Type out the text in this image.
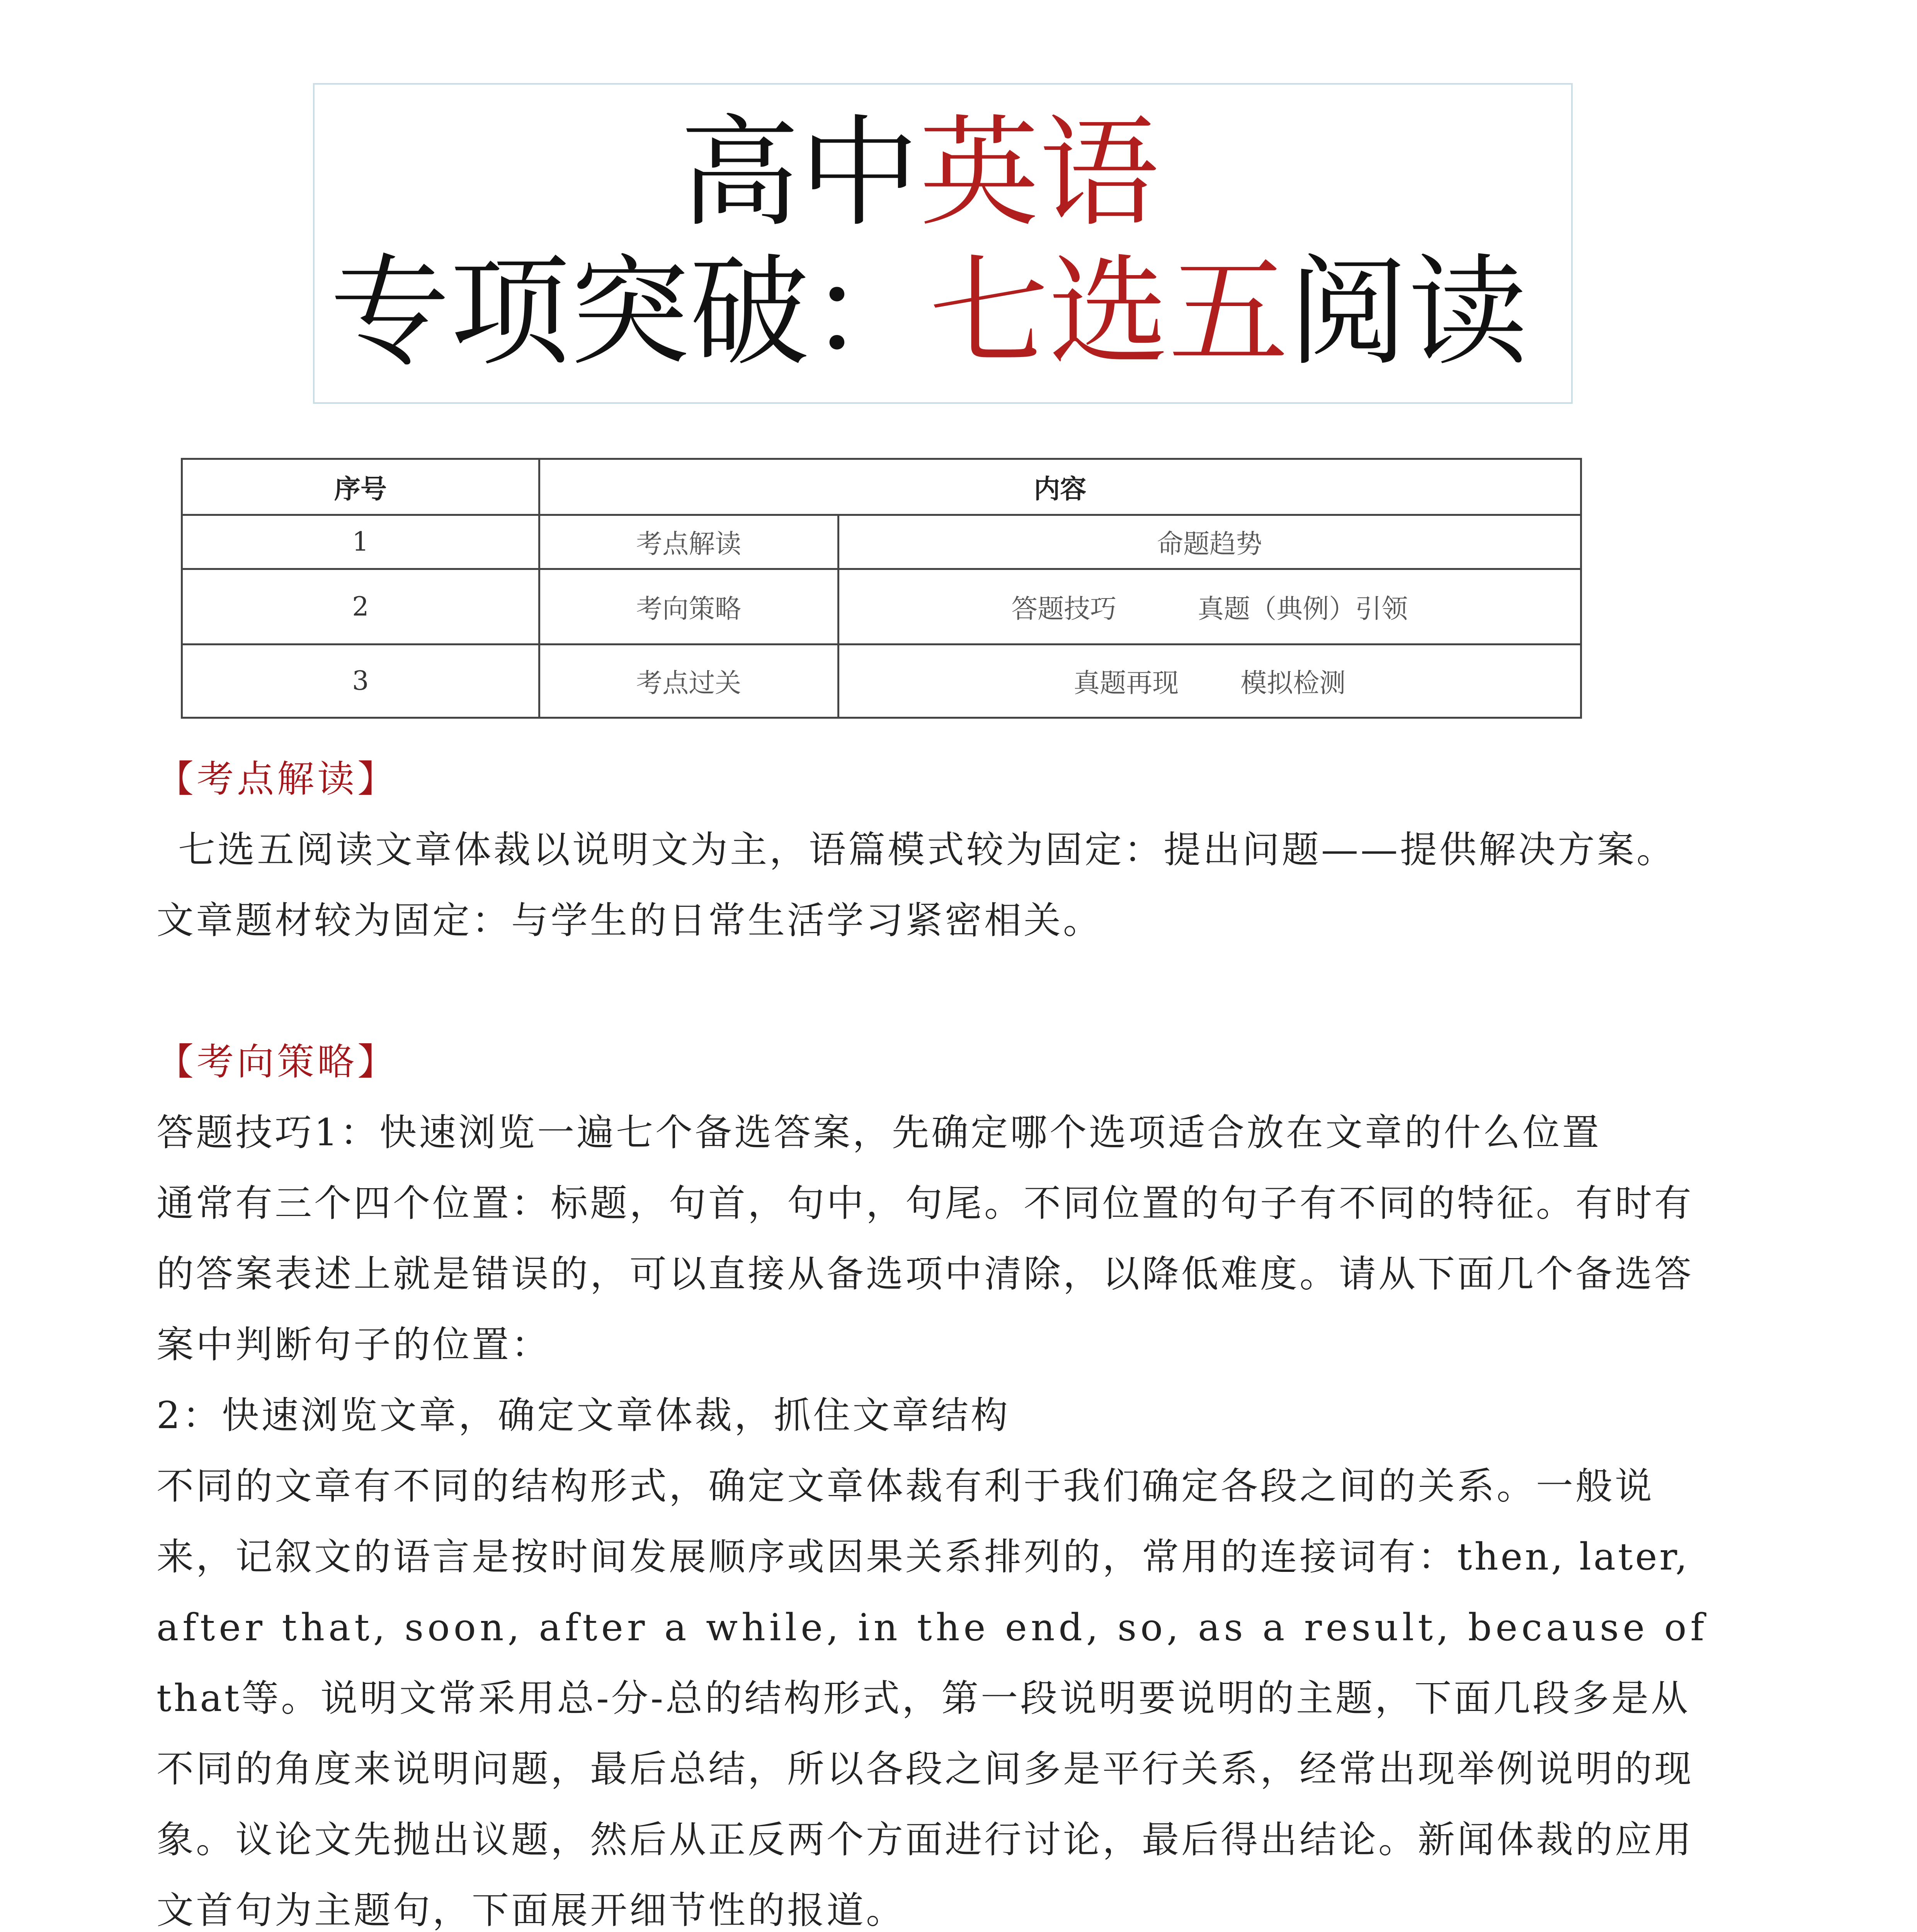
高中英语
专项突破：七选五阅读
序号	内容	
1	考点解读	命题趋势
2	考向策略	答题技巧 真题（典例）引领
3	考点过关	真题再现 模拟检测

【考点解读】

七选五阅读文章体裁以说明文为主，语篇模式较为固定：提出问题——提供解决方案。

文章题材较为固定：与学生的日常生活学习紧密相关。

【考向策略】

答题技巧1：快速浏览一遍七个备选答案，先确定哪个选项适合放在文章的什么位置

通常有三个四个位置：标题，句首，句中，句尾。不同位置的句子有不同的特征。有时有

的答案表述上就是错误的，可以直接从备选项中清除，以降低难度。请从下面几个备选答

案中判断句子的位置：

2：快速浏览文章，确定文章体裁，抓住文章结构

不同的文章有不同的结构形式，确定文章体裁有利于我们确定各段之间的关系。一般说

来，记叙文的语言是按时间发展顺序或因果关系排列的，常用的连接词有：then, later,

after that, soon, after a while, in the end, so, as a result, because of

that等。说明文常采用总-分-总的结构形式，第一段说明要说明的主题，下面几段多是从

不同的角度来说明问题，最后总结，所以各段之间多是平行关系，经常出现举例说明的现

象。议论文先抛出议题，然后从正反两个方面进行讨论，最后得出结论。新闻体裁的应用

文首句为主题句，下面展开细节性的报道。
